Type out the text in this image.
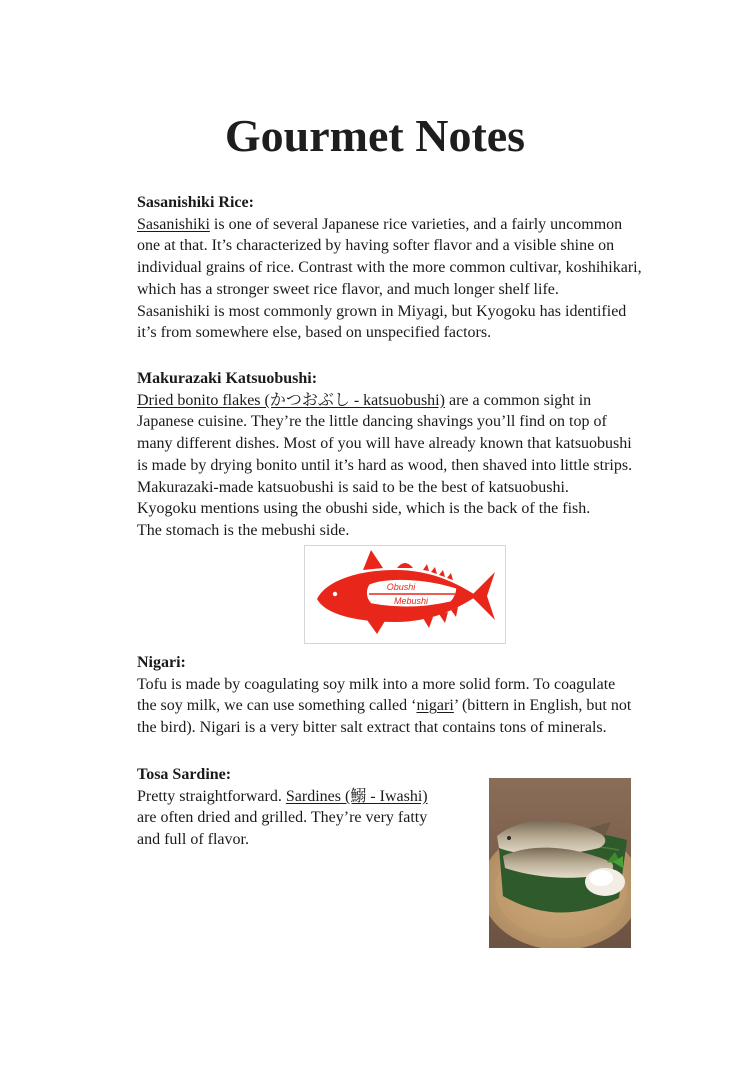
Gourmet Notes
Sasanishiki Rice:

Sasanishiki is one of several Japanese rice varieties, and a fairly uncommon
one at that. It’s characterized by having softer flavor and a visible shine on
individual grains of rice. Contrast with the more common cultivar, koshihikari,
which has a stronger sweet rice flavor, and much longer shelf life.
Sasanishiki is most commonly grown in Miyagi, but Kyogoku has identified
it’s from somewhere else, based on unspecified factors.

Makurazaki Katsuobushi:

Dried bonito flakes (かつおぶし - katsuobushi) are a common sight in
Japanese cuisine. They’re the little dancing shavings you’ll find on top of
many different dishes. Most of you will have already known that katsuobushi
is made by drying bonito until it’s hard as wood, then shaved into little strips.
Makurazaki-made katsuobushi is said to be the best of katsuobushi.
Kyogoku mentions using the obushi side, which is the back of the fish.
The stomach is the mebushi side.

Obushi
Mebushi
Nigari:

Tofu is made by coagulating soy milk into a more solid form. To coagulate
the soy milk, we can use something called ‘nigari’ (bittern in English, but not
the bird). Nigari is a very bitter salt extract that contains tons of minerals.

Tosa Sardine:

Pretty straightforward. Sardines (鰯 - Iwashi)
are often dried and grilled. They’re very fatty
and full of flavor.
